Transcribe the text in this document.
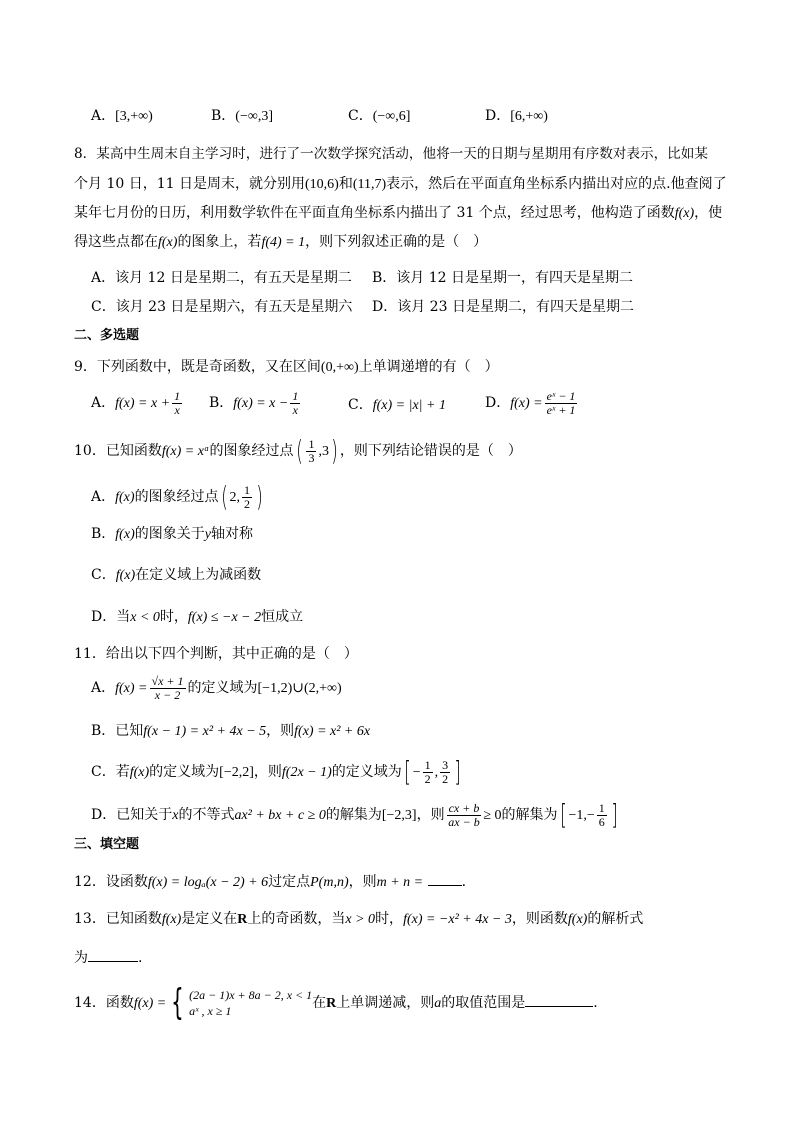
A．[3,+∞)	B．(−∞,3]	C．(−∞,6]	D．[6,+∞)
8．某高中生周末自主学习时，进行了一次数学探究活动，他将一天的日期与星期用有序数对表示，比如某
个月 10 日，11 日是周末，就分别用(10,6)和(11,7)表示，然后在平面直角坐标系内描出对应的点.他查阅了
某年七月份的日历，利用数学软件在平面直角坐标系内描出了 31 个点，经过思考，他构造了函数f(x)，使
得这些点都在f(x)的图象上，若f(4) = 1，则下列叙述正确的是（　）
A．该月 12 日是星期二，有五天是星期二 B．该月 12 日是星期一，有四天是星期二
C．该月 23 日是星期六，有五天是星期六 D．该月 23 日是星期二，有四天是星期二
二、多选题
9．下列函数中，既是奇函数，又在区间(0,+∞)上单调递增的有（　）
A．$f(x) = x + \frac{1}{x}$ B．$f(x) = x - \frac{1}{x}$	C．f(x) = |x| + 1	D．$f(x) = \frac{\text{eˣ − 1}}{\text{eˣ + 1}}$
10．已知函数f(x) = xᵅ的图象经过点( $\frac{1}{3} ,3$) ，则下列结论错误的是（　）
A．f(x)的图象经过点( 2, $\frac{1}{2}$ )
B．f(x)的图象关于y轴对称
C．f(x)在定义域上为减函数
D．当x < 0时，f(x) ≤ −x − 2恒成立
11．给出以下四个判断，其中正确的是（　）
A．$f(x) = \frac{√x + 1}{x - 2}$ 的定义域为[−1,2)∪(2,+∞)
B．已知f(x − 1) = x² + 4x − 5，则f(x) = x² + 6x
C．若f(x)的定义域为[−2,2]，则f(2x − 1)的定义域为[ − $\frac{1}{2}$ , $\frac{3}{2}$ ]
D．已知关于x的不等式ax² + bx + c ≥ 0的解集为[−2,3]，则 $\frac{cx + b}{ax - b} \ge 0$的解集为[ $-1,- \frac{1}{6}$ ]
三、填空题
12．设函数f(x) = logₐ(x − 2) + 6过定点P(m,n)，则m + n =	.
13．已知函数f(x)是定义在R上的奇函数，当x > 0时，f(x) = −x² + 4x − 3，则函数f(x)的解析式
为	.
14．函数f(x) = { (2a − 1)x + 8a − 2, x < 1
aˣ , x ≥ 1	在R上单调递减，则a的取值范围是	.
